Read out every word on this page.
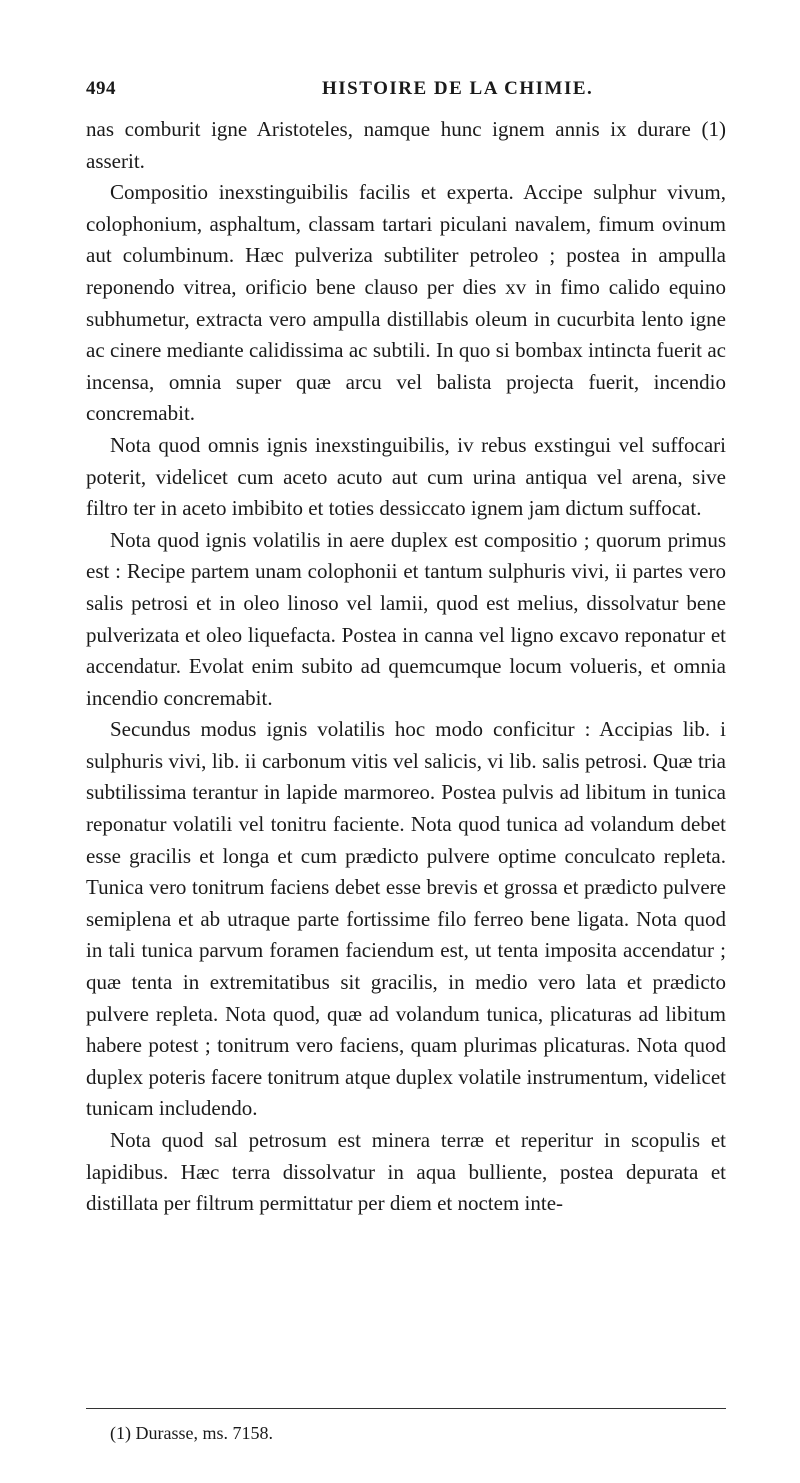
494	HISTOIRE DE LA CHIMIE.

nas comburit igne Aristoteles, namque hunc ignem annis ix durare (1) asserit.

Compositio inexstinguibilis facilis et experta. Accipe sulphur vivum, colophonium, asphaltum, classam tartari piculani navalem, fimum ovinum aut columbinum. Hæc pulveriza subtiliter petroleo ; postea in ampulla reponendo vitrea, orificio bene clauso per dies xv in fimo calido equino subhumetur, extracta vero ampulla distillabis oleum in cucurbita lento igne ac cinere mediante calidissima ac subtili. In quo si bombax intincta fuerit ac incensa, omnia super quæ arcu vel balista projecta fuerit, incendio concremabit.

Nota quod omnis ignis inexstinguibilis, iv rebus exstingui vel suffocari poterit, videlicet cum aceto acuto aut cum urina antiqua vel arena, sive filtro ter in aceto imbibito et toties dessiccato ignem jam dictum suffocat.

Nota quod ignis volatilis in aere duplex est compositio ; quorum primus est : Recipe partem unam colophonii et tantum sulphuris vivi, ii partes vero salis petrosi et in oleo linoso vel lamii, quod est melius, dissolvatur bene pulverizata et oleo liquefacta. Postea in canna vel ligno excavo reponatur et accendatur. Evolat enim subito ad quemcumque locum volueris, et omnia incendio concremabit.

Secundus modus ignis volatilis hoc modo conficitur : Accipias lib. i sulphuris vivi, lib. ii carbonum vitis vel salicis, vi lib. salis petrosi. Quæ tria subtilissima terantur in lapide marmoreo. Postea pulvis ad libitum in tunica reponatur volatili vel tonitru faciente. Nota quod tunica ad volandum debet esse gracilis et longa et cum prædicto pulvere optime conculcato repleta. Tunica vero tonitrum faciens debet esse brevis et grossa et prædicto pulvere semiplena et ab utraque parte fortissime filo ferreo bene ligata. Nota quod in tali tunica parvum foramen faciendum est, ut tenta imposita accendatur ; quæ tenta in extremitatibus sit gracilis, in medio vero lata et prædicto pulvere repleta. Nota quod, quæ ad volandum tunica, plicaturas ad libitum habere potest ; tonitrum vero faciens, quam plurimas plicaturas. Nota quod duplex poteris facere tonitrum atque duplex volatile instrumentum, videlicet tunicam includendo.

Nota quod sal petrosum est minera terræ et reperitur in scopulis et lapidibus. Hæc terra dissolvatur in aqua bulliente, postea depurata et distillata per filtrum permittatur per diem et noctem inte-

(1) Durasse, ms. 7158.
